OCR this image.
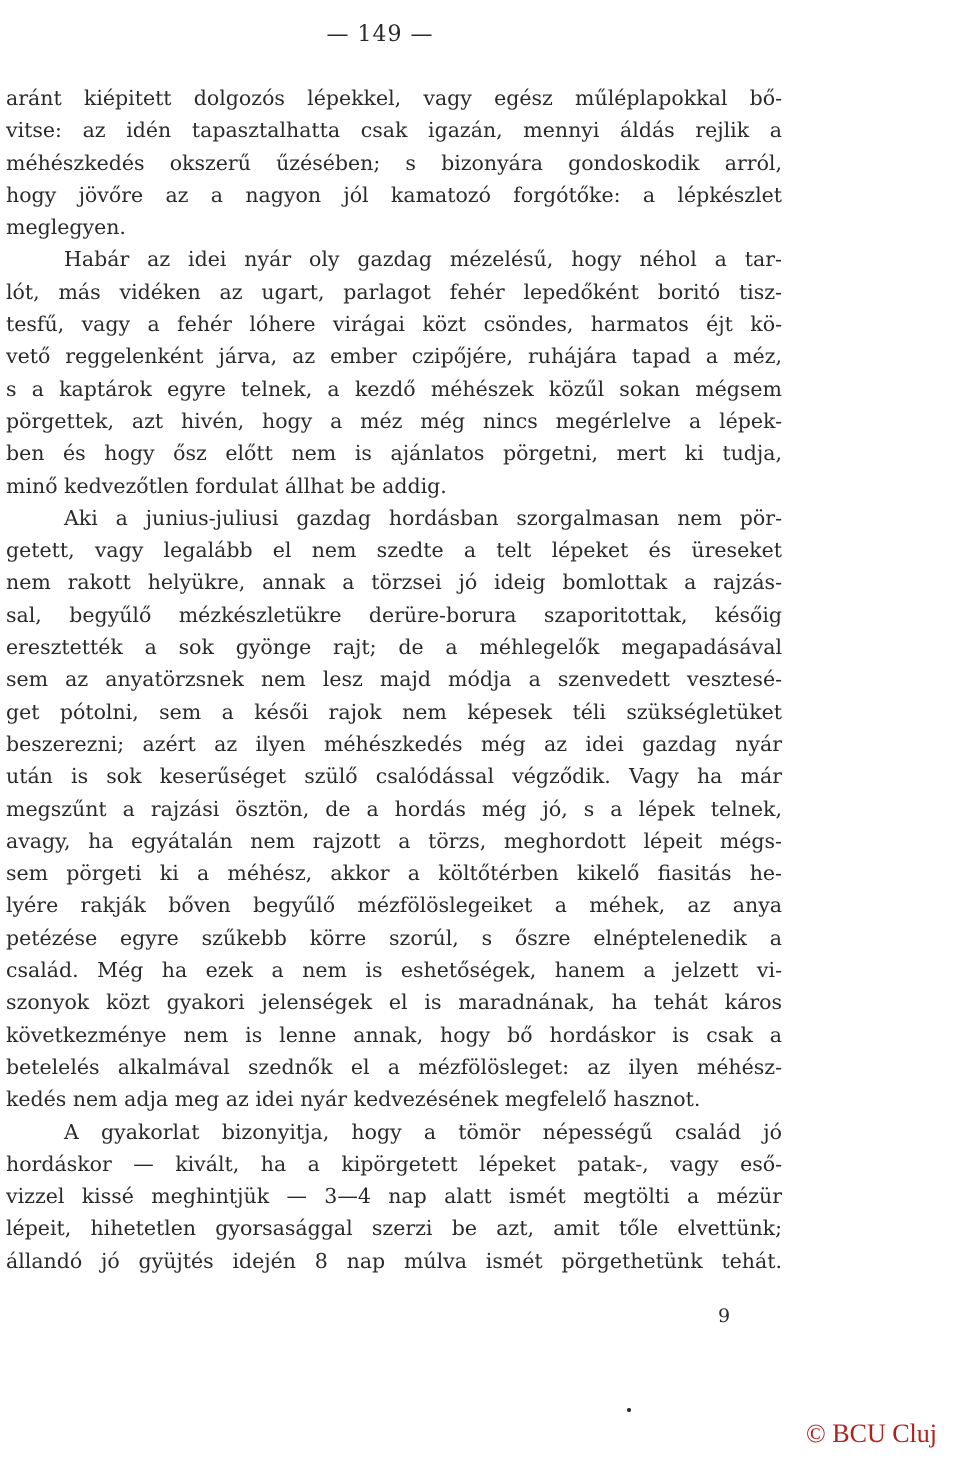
— 149 —
aránt kiépitett dolgozós lépekkel, vagy egész műléplapokkal bő-
vitse: az idén tapasztalhatta csak igazán, mennyi áldás rejlik a
méhészkedés okszerű űzésében; s bizonyára gondoskodik arról,
hogy jövőre az a nagyon jól kamatozó forgótőke: a lépkészlet
meglegyen.
Habár az idei nyár oly gazdag mézelésű, hogy néhol a tar-
lót, más vidéken az ugart, parlagot fehér lepedőként boritó tisz-
tesfű, vagy a fehér lóhere virágai közt csöndes, harmatos éjt kö-
vető reggelenként járva, az ember czipőjére, ruhájára tapad a méz,
s a kaptárok egyre telnek, a kezdő méhészek közűl sokan mégsem
pörgettek, azt hivén, hogy a méz még nincs megérlelve a lépek-
ben és hogy ősz előtt nem is ajánlatos pörgetni, mert ki tudja,
minő kedvezőtlen fordulat állhat be addig.
Aki a junius-juliusi gazdag hordásban szorgalmasan nem pör-
getett, vagy legalább el nem szedte a telt lépeket és üreseket
nem rakott helyükre, annak a törzsei jó ideig bomlottak a rajzás-
sal, begyűlő mézkészletükre derüre-borura szaporitottak, későig
eresztették a sok gyönge rajt; de a méhlegelők megapadásával
sem az anyatörzsnek nem lesz majd módja a szenvedett vesztesé-
get pótolni, sem a késői rajok nem képesek téli szükségletüket
beszerezni; azért az ilyen méhészkedés még az idei gazdag nyár
után is sok keserűséget szülő csalódással végződik. Vagy ha már
megszűnt a rajzási ösztön, de a hordás még jó, s a lépek telnek,
avagy, ha egyátalán nem rajzott a törzs, meghordott lépeit mégs-
sem pörgeti ki a méhész, akkor a költőtérben kikelő fiasitás he-
lyére rakják bőven begyűlő mézfölöslegeiket a méhek, az anya
petézése egyre szűkebb körre szorúl, s őszre elnéptelenedik a
család. Még ha ezek a nem is eshetőségek, hanem a jelzett vi-
szonyok közt gyakori jelenségek el is maradnának, ha tehát káros
következménye nem is lenne annak, hogy bő hordáskor is csak a
betelelés alkalmával szednők el a mézfölösleget: az ilyen méhész-
kedés nem adja meg az idei nyár kedvezésének megfelelő hasznot.
A gyakorlat bizonyitja, hogy a tömör népességű család jó
hordáskor — kivált, ha a kipörgetett lépeket patak-, vagy eső-
vizzel kissé meghintjük — 3—4 nap alatt ismét megtölti a mézür
lépeit, hihetetlen gyorsasággal szerzi be azt, amit tőle elvettünk;
állandó jó gyüjtés idején 8 nap múlva ismét pörgethetünk tehát.
9
© BCU Cluj
